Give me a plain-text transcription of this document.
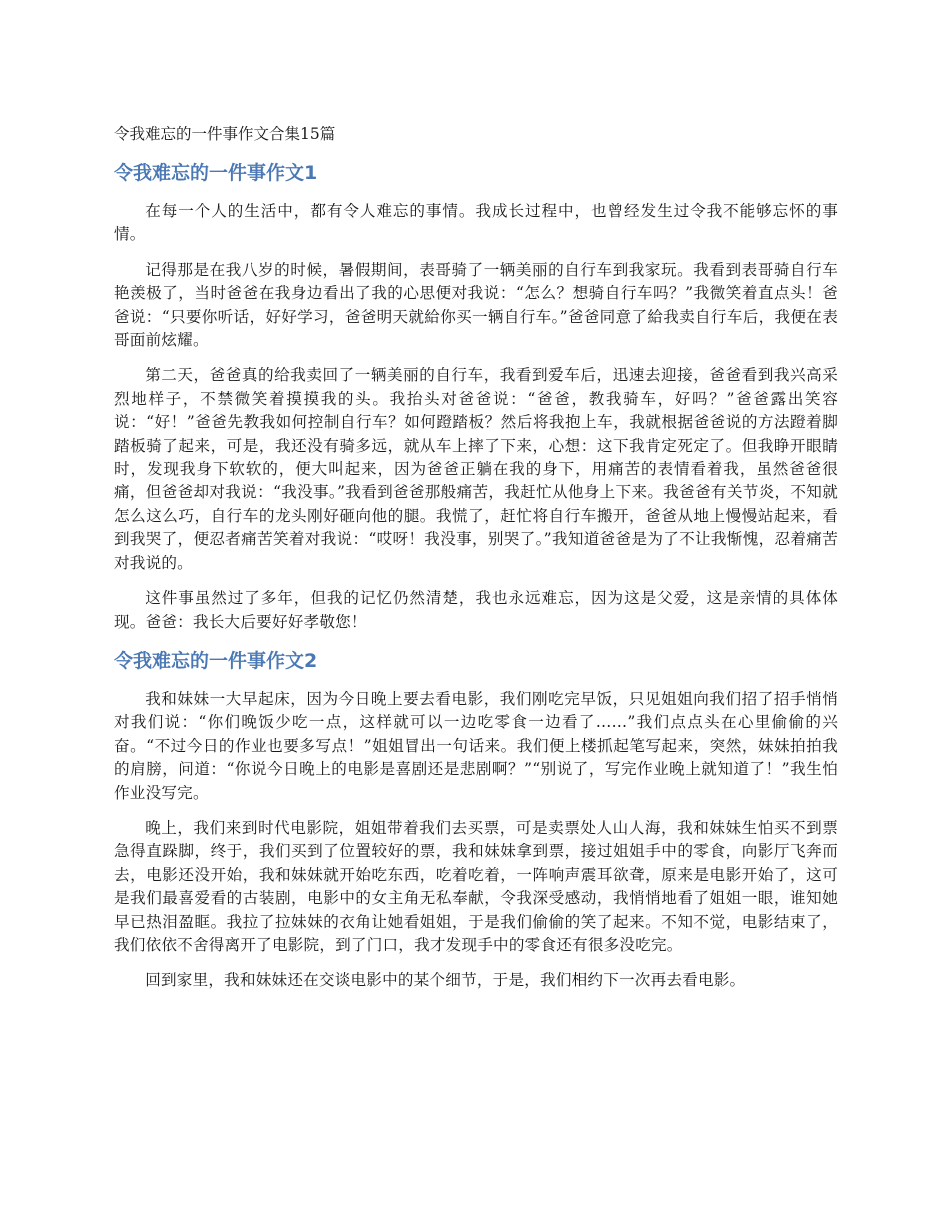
令我难忘的一件事作文合集15篇
令我难忘的一件事作文1

在每一个人的生活中，都有令人难忘的事情。我成长过程中，也曾经发生过令我不能够忘怀的事情。

记得那是在我八岁的时候，暑假期间，表哥骑了一辆美丽的自行车到我家玩。我看到表哥骑自行车艳羡极了，当时爸爸在我身边看出了我的心思便对我说：“怎么？想骑自行车吗？”我微笑着直点头！爸爸说：“只要你听话，好好学习，爸爸明天就給你买一辆自行车。”爸爸同意了給我卖自行车后，我便在表哥面前炫耀。

第二天，爸爸真的给我卖回了一辆美丽的自行车，我看到爱车后，迅速去迎接，爸爸看到我兴高采烈地样子，不禁微笑着摸摸我的头。我抬头对爸爸说：“爸爸，教我骑车，好吗？”爸爸露出笑容说：“好！”爸爸先教我如何控制自行车？如何蹬踏板？然后将我抱上车，我就根据爸爸说的方法蹬着脚踏板骑了起来，可是，我还没有骑多远，就从车上摔了下来，心想：这下我肯定死定了。但我睁开眼睛时，发现我身下软软的，便大叫起来，因为爸爸正躺在我的身下，用痛苦的表情看着我，虽然爸爸很痛，但爸爸却对我说：“我没事。”我看到爸爸那般痛苦，我赶忙从他身上下来。我爸爸有关节炎，不知就怎么这么巧，自行车的龙头刚好砸向他的腿。我慌了，赶忙将自行车搬开，爸爸从地上慢慢站起来，看到我哭了，便忍者痛苦笑着对我说：“哎呀！我没事，别哭了。”我知道爸爸是为了不让我惭愧，忍着痛苦对我说的。

这件事虽然过了多年，但我的记忆仍然清楚，我也永远难忘，因为这是父爱，这是亲情的具体体现。爸爸：我长大后要好好孝敬您！

令我难忘的一件事作文2

我和妹妹一大早起床，因为今日晚上要去看电影，我们刚吃完早饭，只见姐姐向我们招了招手悄悄对我们说：“你们晚饭少吃一点，这样就可以一边吃零食一边看了……”我们点点头在心里偷偷的兴奋。“不过今日的作业也要多写点！”姐姐冒出一句话来。我们便上楼抓起笔写起来，突然，妹妹拍拍我的肩膀，问道：“你说今日晚上的电影是喜剧还是悲剧啊？”“别说了，写完作业晚上就知道了！”我生怕作业没写完。

晚上，我们来到时代电影院，姐姐带着我们去买票，可是卖票处人山人海，我和妹妹生怕买不到票急得直跺脚，终于，我们买到了位置较好的票，我和妹妹拿到票，接过姐姐手中的零食，向影厅飞奔而去，电影还没开始，我和妹妹就开始吃东西，吃着吃着，一阵响声震耳欲聋，原来是电影开始了，这可是我们最喜爱看的古装剧，电影中的女主角无私奉献，令我深受感动，我悄悄地看了姐姐一眼，谁知她早已热泪盈眶。我拉了拉妹妹的衣角让她看姐姐，于是我们偷偷的笑了起来。不知不觉，电影结束了，我们依依不舍得离开了电影院，到了门口，我才发现手中的零食还有很多没吃完。

回到家里，我和妹妹还在交谈电影中的某个细节，于是，我们相约下一次再去看电影。
